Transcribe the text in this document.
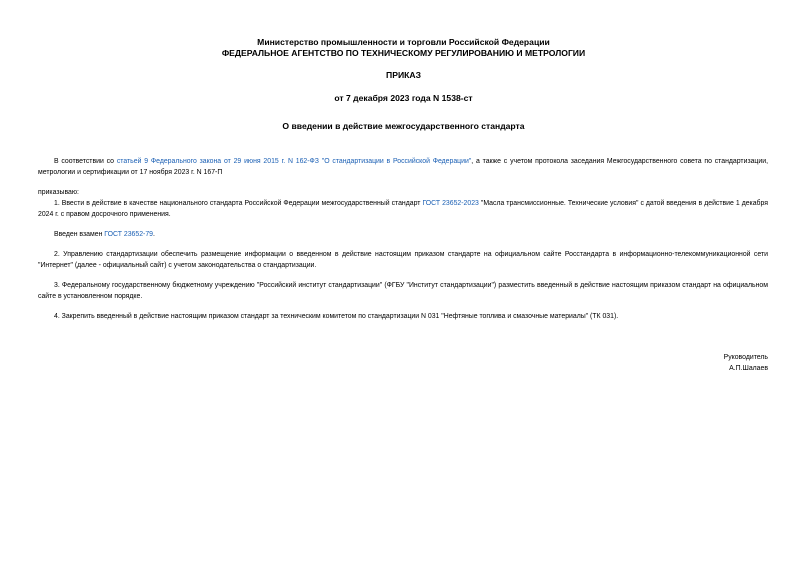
Министерство промышленности и торговли Российской Федерации
ФЕДЕРАЛЬНОЕ АГЕНТСТВО ПО ТЕХНИЧЕСКОМУ РЕГУЛИРОВАНИЮ И МЕТРОЛОГИИ
ПРИКАЗ
от 7 декабря 2023 года N 1538-ст
О введении в действие межгосударственного стандарта
В соответствии со статьей 9 Федерального закона от 29 июня 2015 г. N 162-ФЗ "О стандартизации в Российской Федерации", а также с учетом протокола заседания Межгосударственного совета по стандартизации, метрологии и сертификации от 17 ноября 2023 г. N 167-П
приказываю:
1. Ввести в действие в качестве национального стандарта Российской Федерации межгосударственный стандарт ГОСТ 23652-2023 "Масла трансмиссионные. Технические условия" с датой введения в действие 1 декабря 2024 г. с правом досрочного применения.
Введен взамен ГОСТ 23652-79.
2. Управлению стандартизации обеспечить размещение информации о введенном в действие настоящим приказом стандарте на официальном сайте Росстандарта в информационно-телекоммуникационной сети "Интернет" (далее - официальный сайт) с учетом законодательства о стандартизации.
3. Федеральному государственному бюджетному учреждению "Российский институт стандартизации" (ФГБУ "Институт стандартизации") разместить введенный в действие настоящим приказом стандарт на официальном сайте в установленном порядке.
4. Закрепить введенный в действие настоящим приказом стандарт за техническим комитетом по стандартизации N 031 "Нефтяные топлива и смазочные материалы" (ТК 031).
Руководитель
А.П.Шалаев
